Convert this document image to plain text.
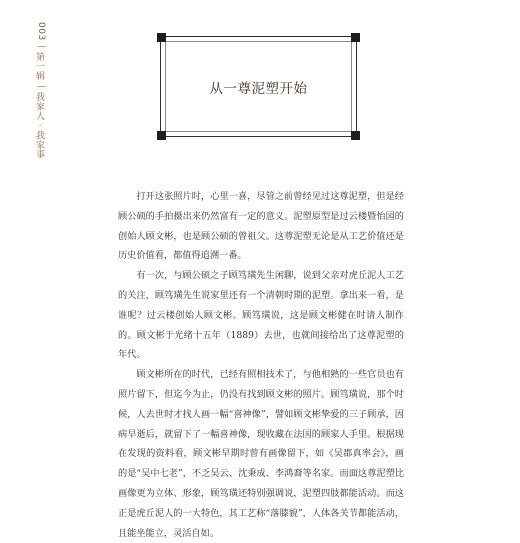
003
|
第一辑
|
我家人 · 我家事
从一尊泥塑开始

打开这张照片时，心里一喜，尽管之前曾经见过这尊泥塑，但是经顾公硕的手拍摄出来仍然富有一定的意义。泥塑原型是过云楼暨怡园的创始人顾文彬，也是顾公硕的曾祖父。这尊泥塑无论是从工艺价值还是历史价值看，都值得追溯一番。

有一次，与顾公硕之子顾笃璜先生闲聊，说到父亲对虎丘泥人工艺的关注，顾笃璜先生说家里还有一个清朝时期的泥塑。拿出来一看，是谁呢？过云楼创始人顾文彬。顾笃璜说，这是顾文彬健在时请人制作的。顾文彬于光绪十五年（1889）去世，也就间接给出了这尊泥塑的年代。

顾文彬所在的时代，已经有照相技术了，与他相熟的一些官员也有照片留下，但迄今为止，仍没有找到顾文彬的照片。顾笃璜说，那个时候，人去世时才找人画一幅“喜神像”，譬如顾文彬挚爱的三子顾承，因病早逝后，就留下了一幅喜神像，现收藏在法国的顾家人手里。根据现在发现的资料看，顾文彬早期时曾有画像留下，如《吴郡真率会》，画的是“吴中七老”，不乏吴云、沈秉成、李鸿裔等名家。而面这尊泥塑比画像更为立体、形象，顾笃璜还特别强调说，泥塑四肢都能活动。而这正是虎丘泥人的一大特色，其工艺称“落膝貌”，人体各关节都能活动，且能坐能立，灵活自如。
